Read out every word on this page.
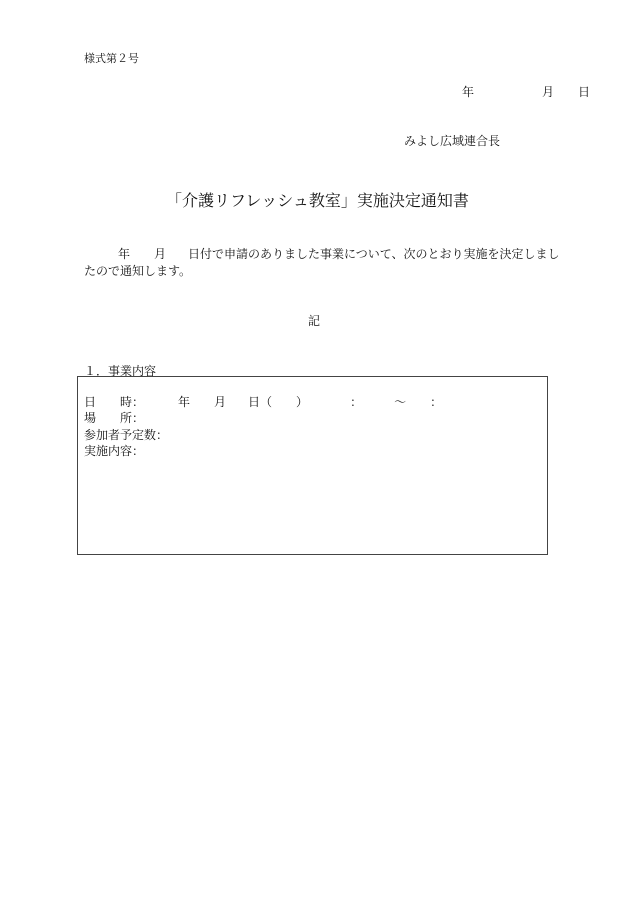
様式第２号
年	月 日
みよし広域連合長
「介護リフレッシュ教室」実施決定通知書
年 月 日付で申請のありました事業について、次のとおり実施を決定しまし
たので通知します。
記
１．事業内容
日　　時：	年 月 日（　　）	：	～ ：
場　　所：
参加者予定数：
実施内容：
